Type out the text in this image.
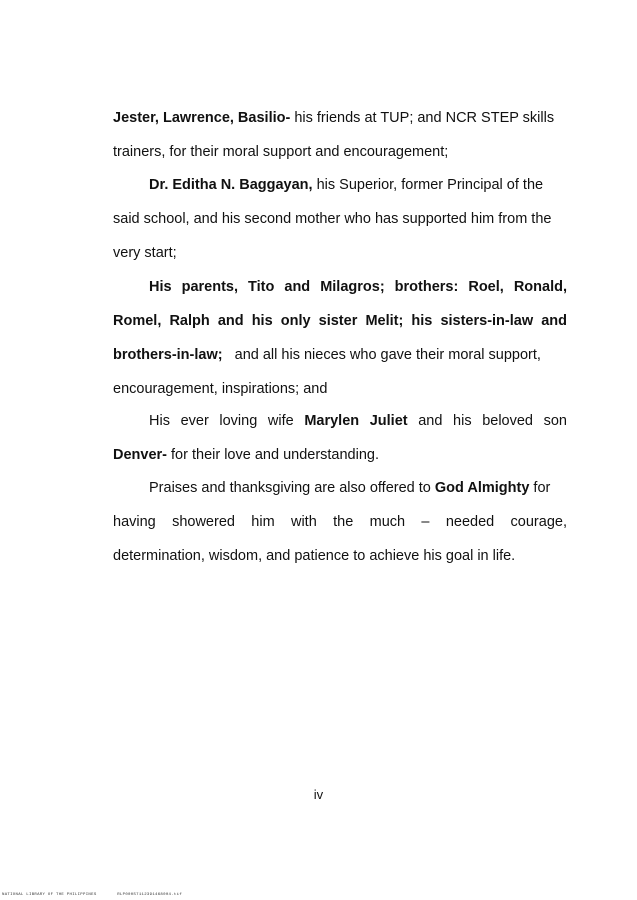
Jester, Lawrence, Basilio- his friends at TUP; and NCR STEP skills
trainers, for their moral support and encouragement;
Dr. Editha N. Baggayan, his Superior, former Principal of the
said school, and his second mother who has supported him from the
very start;
His parents, Tito and Milagros; brothers: Roel, Ronald,
Romel, Ralph and his only sister Melit; his sisters-in-law and
brothers-in-law;   and all his nieces who gave their moral support,
encouragement, inspirations; and
His ever loving wife Marylen Juliet and his beloved son
Denver- for their love and understanding.
Praises and thanksgiving are also offered to God Almighty for
having showered him with the much – needed courage,
determination, wisdom, and patience to achieve his goal in life.
iv
NATIONAL LIBRARY OF THE PHILIPPINES	RLP000S7112391468004.tif
